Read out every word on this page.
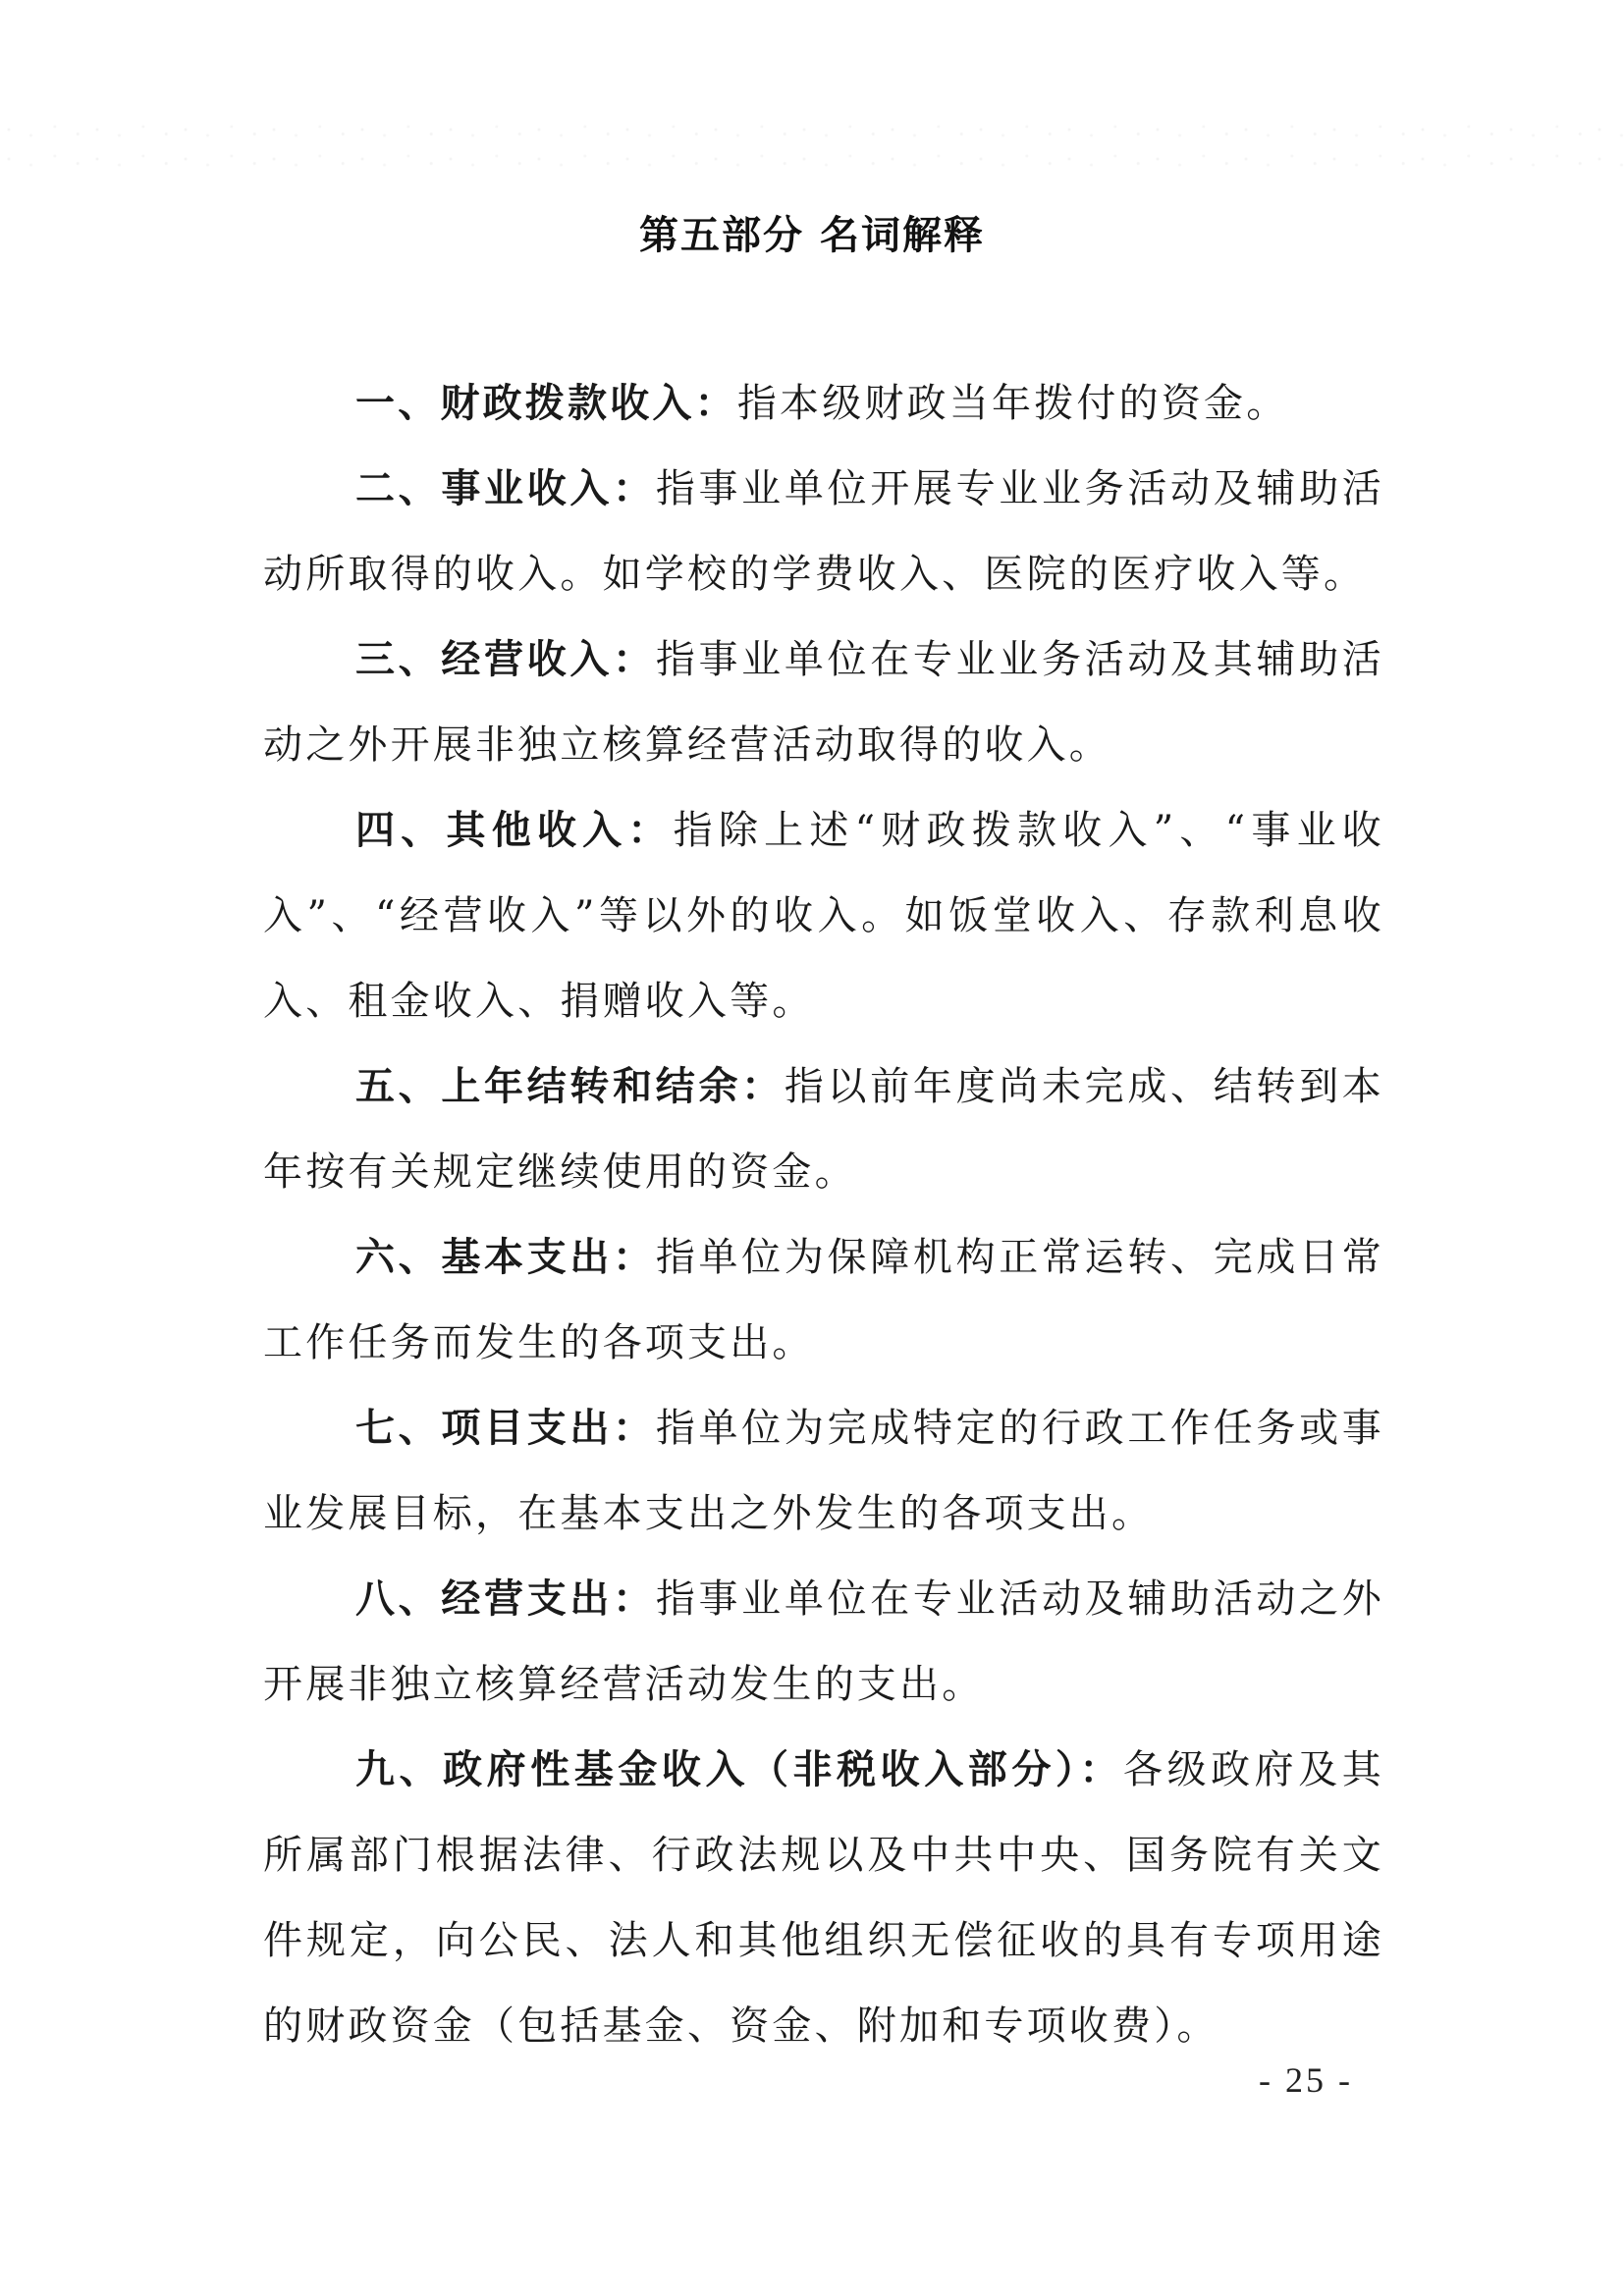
第五部分 名词解释

一、财政拨款收入：指本级财政当年拨付的资金。

二、事业收入：指事业单位开展专业业务活动及辅助活动所取得的收入。如学校的学费收入、医院的医疗收入等。

三、经营收入：指事业单位在专业业务活动及其辅助活动之外开展非独立核算经营活动取得的收入。

四、其他收入：指除上述“财政拨款收入”、“事业收入”、“经营收入”等以外的收入。如饭堂收入、存款利息收入、租金收入、捐赠收入等。

五、上年结转和结余：指以前年度尚未完成、结转到本年按有关规定继续使用的资金。

六、基本支出：指单位为保障机构正常运转、完成日常工作任务而发生的各项支出。

七、项目支出：指单位为完成特定的行政工作任务或事业发展目标，在基本支出之外发生的各项支出。

八、经营支出：指事业单位在专业活动及辅助活动之外开展非独立核算经营活动发生的支出。

九、政府性基金收入（非税收入部分）：各级政府及其所属部门根据法律、行政法规以及中共中央、国务院有关文件规定，向公民、法人和其他组织无偿征收的具有专项用途的财政资金（包括基金、资金、附加和专项收费）。

- 25 -
